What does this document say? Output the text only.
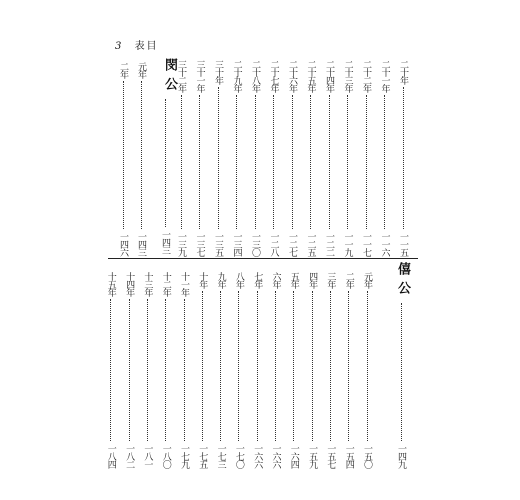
3 表目
二十年
一一五
二十一年
一一六
二十二年
一一七
二十三年
一一九
二十四年
一二二
二十五年
一二五
二十六年
一二七
二十七年
一二八
二十八年
一三〇
二十九年
一三四
三十年
一三五
三十一年
一三七
三十二年
一三九
元年
一四三
二年
一四六
閔公
一四三
僖公
一四九
元年
一五〇
二年
一五四
三年
一五七
四年
一五九
五年
一六四
六年
一六六
七年
一六六
八年
一七〇
九年
一七三
十年
一七五
十一年
一七九
十二年
一八〇
十三年
一八一
十四年
一八二
十五年
一八四
